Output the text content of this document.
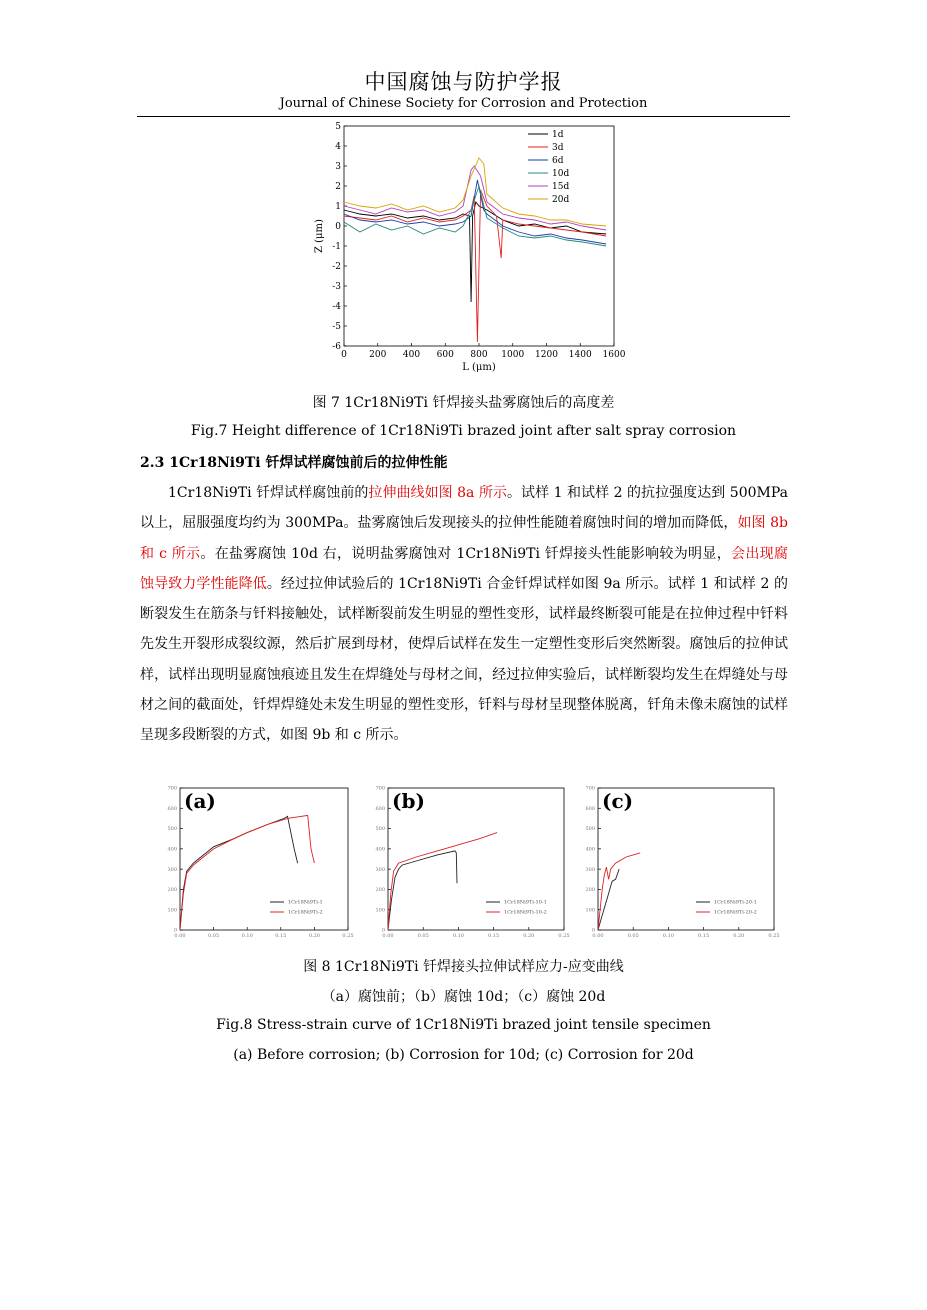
中国腐蚀与防护学报
Journal of Chinese Society for Corrosion and Protection
0 200 400 600 800 1000 1200 1400 1600
-6
-5
-4
-3
-2
-1
0
1
2
3
4
5
L (μm)
Z (μm)
1d
3d
6d
10d
15d
20d
图 7 1Cr18Ni9Ti 钎焊接头盐雾腐蚀后的高度差
Fig.7 Height difference of 1Cr18Ni9Ti brazed joint after salt spray corrosion
2.3 1Cr18Ni9Ti 钎焊试样腐蚀前后的拉伸性能
1Cr18Ni9Ti 钎焊试样腐蚀前的拉伸曲线如图 8a 所示。试样 1 和试样 2 的抗拉强度达到 500MPa 以上，屈服强度均约为 300MPa。盐雾腐蚀后发现接头的拉伸性能随着腐蚀时间的增加而降低，如图 8b 和 c 所示。在盐雾腐蚀 10d 右，说明盐雾腐蚀对 1Cr18Ni9Ti 钎焊接头性能影响较为明显，会出现腐蚀导致力学性能降低。经过拉伸试验后的 1Cr18Ni9Ti 合金钎焊试样如图 9a 所示。试样 1 和试样 2 的断裂发生在筋条与钎料接触处，试样断裂前发生明显的塑性变形，试样最终断裂可能是在拉伸过程中钎料先发生开裂形成裂纹源，然后扩展到母材，使焊后试样在发生一定塑性变形后突然断裂。腐蚀后的拉伸试样，试样出现明显腐蚀痕迹且发生在焊缝处与母材之间，经过拉伸实验后，试样断裂均发生在焊缝处与母材之间的截面处，钎焊焊缝处未发生明显的塑性变形，钎料与母材呈现整体脱离，钎角未像未腐蚀的试样呈现多段断裂的方式，如图 9b 和 c 所示。
0.00	0.05	0.10	0.15	0.20	0.25
0
100
200
300
400
500
600
700
1Cr18Ni9Ti-1
1Cr18Ni9Ti-2
(a)
0.00	0.05	0.10	0.15	0.20	0.25
0
100
200
300
400
500
600
700
1Cr18Ni9Ti-10-1
1Cr18Ni9Ti-10-2
(b)
0.00	0.05	0.10	0.15	0.20	0.25
0
100
200
300
400
500
600
700
1Cr18Ni9Ti-20-1
1Cr18Ni9Ti-20-2
(c)
图 8 1Cr18Ni9Ti 钎焊接头拉伸试样应力-应变曲线
（a）腐蚀前；（b）腐蚀 10d；（c）腐蚀 20d
Fig.8 Stress-strain curve of 1Cr18Ni9Ti brazed joint tensile specimen
(a) Before corrosion; (b) Corrosion for 10d; (c) Corrosion for 20d
